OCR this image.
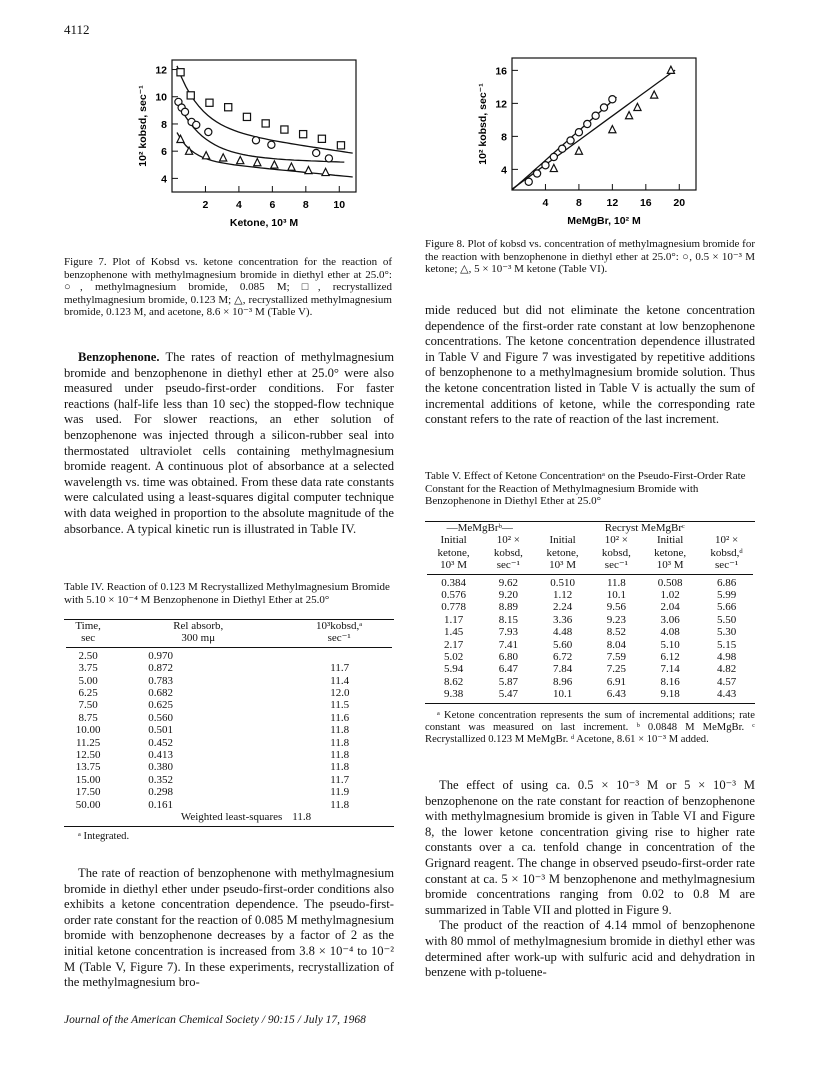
4112
2	4	6	8 10
4
6
8
10
12
Ketone, 10³ M
10² kobsd, sec⁻¹
Figure 7. Plot of Kobsd vs. ketone concentration for the reaction of benzophenone with methylmagnesium bromide in diethyl ether at 25.0°: ○, methylmagnesium bromide, 0.085 M; □, recrystallized methylmagnesium bromide, 0.123 M; △, recrystallized methylmagnesium bromide, 0.123 M, and acetone, 8.6 × 10⁻³ M (Table V).
4	8 12 16 20
4
8
12
16
MeMgBr, 10² M
10² kobsd, sec⁻¹
Figure 8. Plot of kobsd vs. concentration of methylmagnesium bromide for the reaction with benzophenone in diethyl ether at 25.0°: ○, 0.5 × 10⁻³ M ketone; △, 5 × 10⁻³ M ketone (Table VI).

Benzophenone. The rates of reaction of methylmagnesium bromide and benzophenone in diethyl ether at 25.0° were also measured under pseudo-first-order conditions. For faster reactions (half-life less than 10 sec) the stopped-flow technique was used. For slower reactions, an ether solution of benzophenone was injected through a silicon-rubber seal into thermostated ultraviolet cells containing methylmagnesium bromide reagent. A continuous plot of absorbance at a selected wavelength vs. time was obtained. From these data rate constants were calculated using a least-squares digital computer technique with data weighed in proportion to the absolute magnitude of the absorbance. A typical kinetic run is illustrated in Table IV.

Table IV. Reaction of 0.123 M Recrystallized Methylmagnesium Bromide with 5.10 × 10⁻⁴ M Benzophenone in Diethyl Ether at 25.0°
Time,
sec	Rel absorb,
300 mμ	10³kobsd,ᵃ
sec⁻¹

2.50	0.970	
3.75	0.872	11.7
5.00	0.783	11.4
6.25	0.682	12.0
7.50	0.625	11.5
8.75	0.560	11.6
10.00	0.501	11.8
11.25	0.452	11.8
12.50	0.413	11.8
13.75	0.380	11.8
15.00	0.352	11.7
17.50	0.298	11.9
50.00	0.161	11.8
	Weighted least-squares	11.8
ᵃ Integrated.

The rate of reaction of benzophenone with methylmagnesium bromide in diethyl ether under pseudo-first-order conditions also exhibits a ketone concentration dependence. The pseudo-first-order rate constant for the reaction of 0.085 M methylmagnesium bromide with benzophenone decreases by a factor of 2 as the initial ketone concentration is increased from 3.8 × 10⁻⁴ to 10⁻² M (Table V, Figure 7). In these experiments, recrystallization of the methylmagnesium bro-

mide reduced but did not eliminate the ketone concentration dependence of the first-order rate constant at low benzophenone concentrations. The ketone concentration dependence illustrated in Table V and Figure 7 was investigated by repetitive additions of benzophenone to a methylmagnesium bromide solution. Thus the ketone concentration listed in Table V is actually the sum of incremental additions of ketone, while the corresponding rate constant refers to the rate of reaction of the last increment.

Table V. Effect of Ketone Concentrationᵃ on the Pseudo-First-Order Rate Constant for the Reaction of Methylmagnesium Bromide with Benzophenone in Diethyl Ether at 25.0°
—MeMgBrᵇ—		Recryst MeMgBrᶜ			
Initial
ketone,
10³ M	10² ×
kobsd,
sec⁻¹	Initial
ketone,
10³ M	10² ×
kobsd,
sec⁻¹	Initial
ketone,
10³ M	10² ×
kobsd,ᵈ
sec⁻¹

0.384	9.62	0.510	11.8	0.508	6.86
0.576	9.20	1.12	10.1	1.02	5.99
0.778	8.89	2.24	9.56	2.04	5.66
1.17	8.15	3.36	9.23	3.06	5.50
1.45	7.93	4.48	8.52	4.08	5.30
2.17	7.41	5.60	8.04	5.10	5.15
5.02	6.80	6.72	7.59	6.12	4.98
5.94	6.47	7.84	7.25	7.14	4.82
8.62	5.87	8.96	6.91	8.16	4.57
9.38	5.47	10.1	6.43	9.18	4.43
ᵃ Ketone concentration represents the sum of incremental additions; rate constant was measured on last increment. ᵇ 0.0848 M MeMgBr. ᶜ Recrystallized 0.123 M MeMgBr. ᵈ Acetone, 8.61 × 10⁻³ M added.

The effect of using ca. 0.5 × 10⁻³ M or 5 × 10⁻³ M benzophenone on the rate constant for reaction of benzophenone with methylmagnesium bromide is given in Table VI and Figure 8, the lower ketone concentration giving rise to higher rate constants over a ca. tenfold change in concentration of the Grignard reagent. The change in observed pseudo-first-order rate constant at ca. 5 × 10⁻³ M benzophenone and methylmagnesium bromide concentrations ranging from 0.02 to 0.8 M are summarized in Table VII and plotted in Figure 9.

The product of the reaction of 4.14 mmol of benzophenone with 80 mmol of methylmagnesium bromide in diethyl ether was determined after work-up with sulfuric acid and dehydration in benzene with p-toluene-

Journal of the American Chemical Society / 90:15 / July 17, 1968
